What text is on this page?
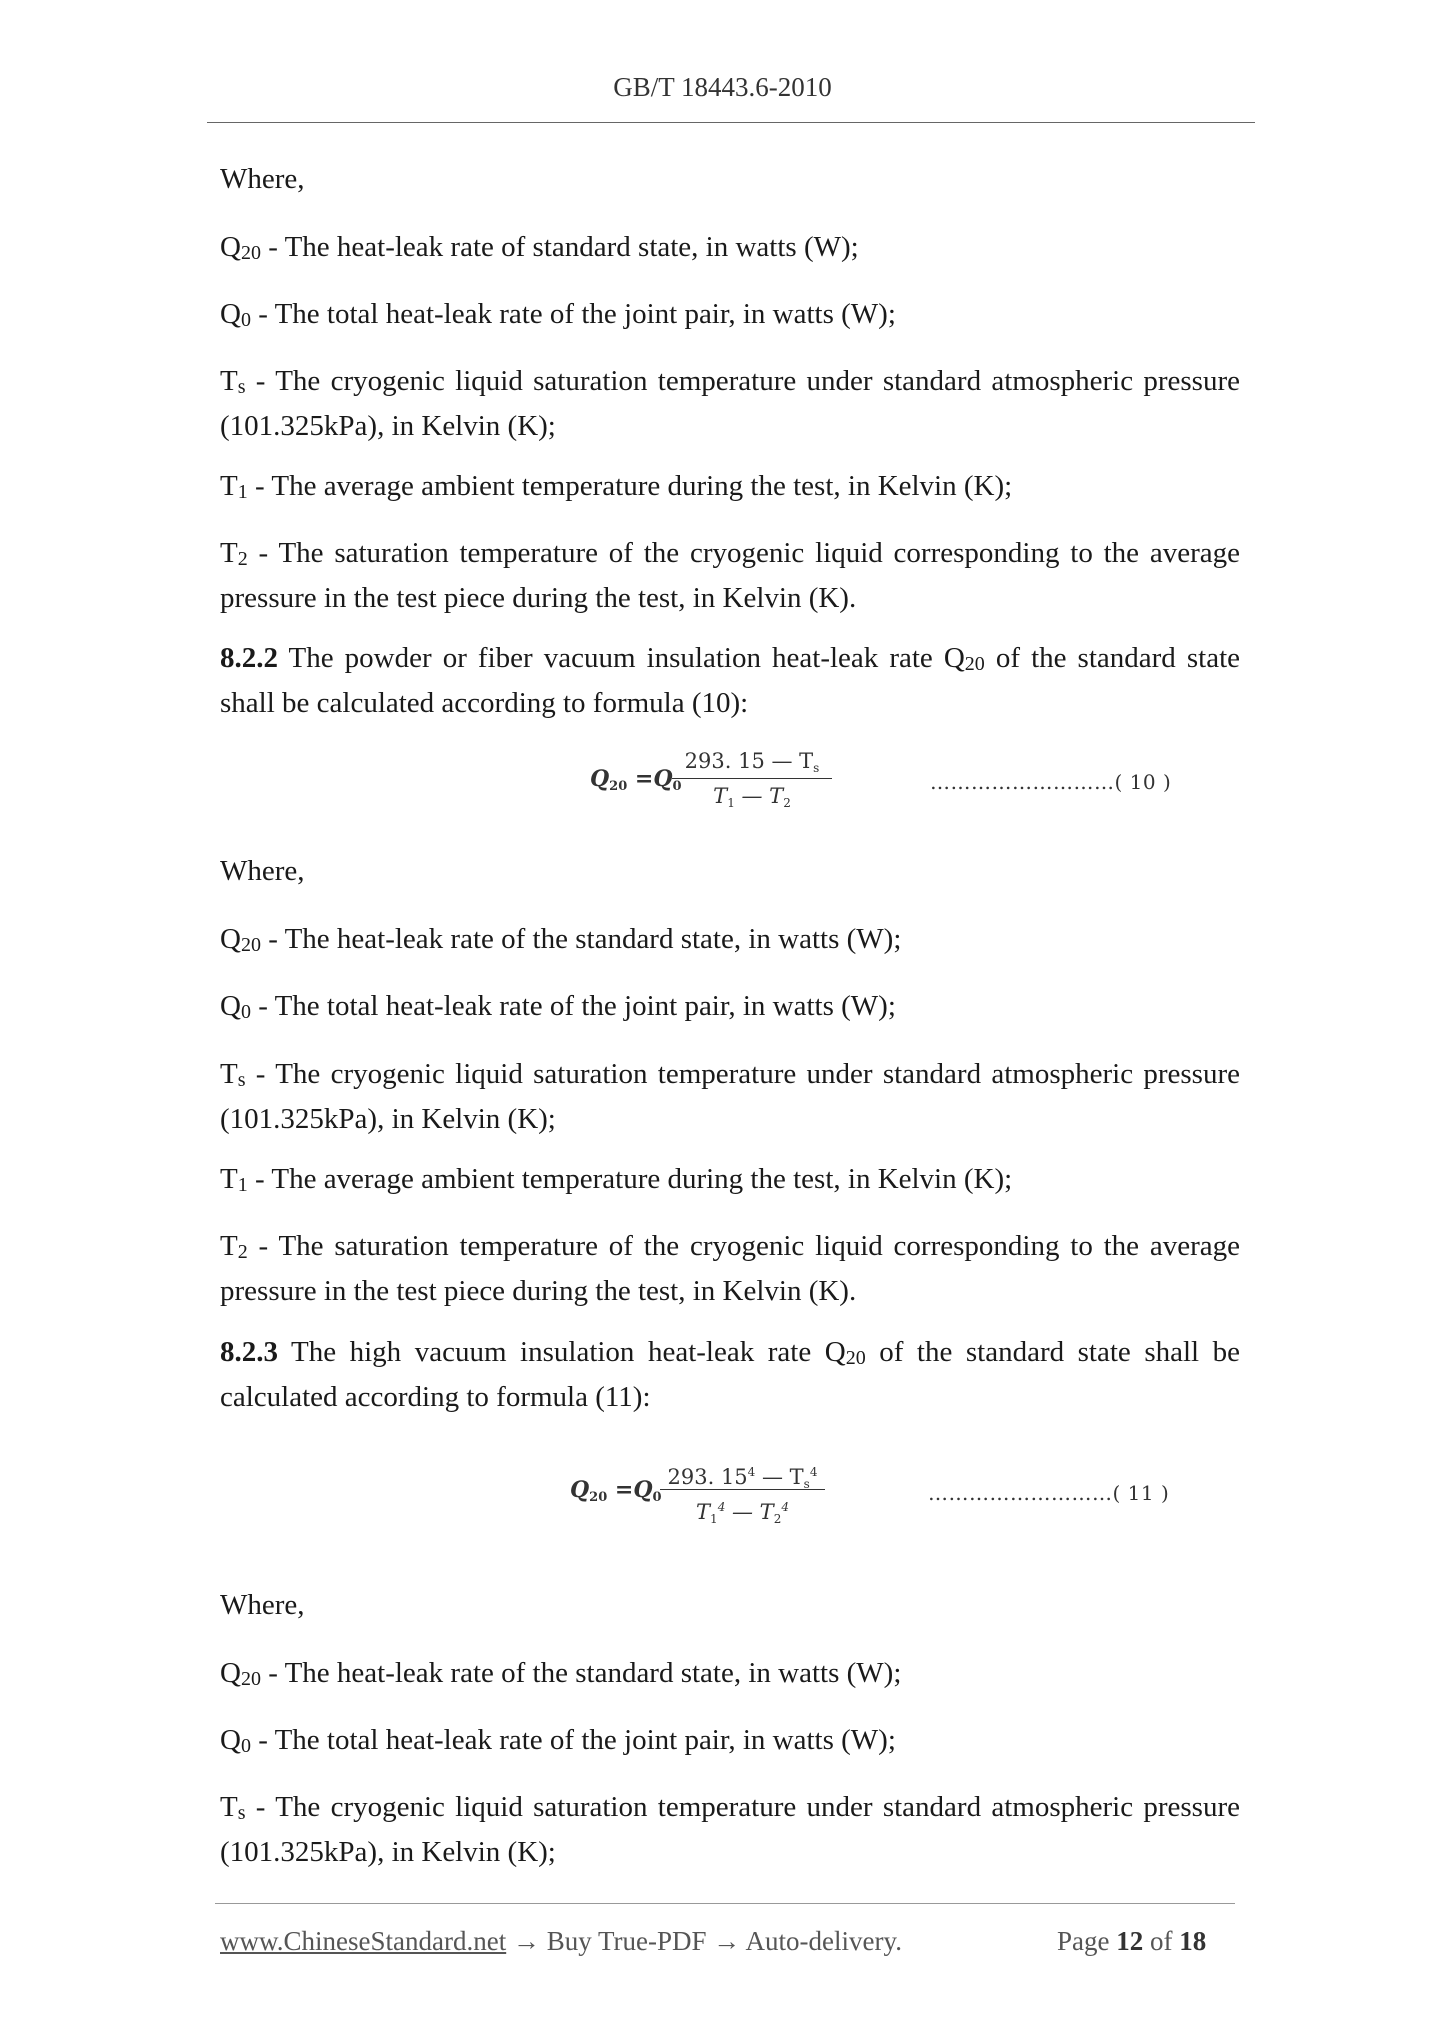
GB/T 18443.6-2010

Where,

Q20 - The heat-leak rate of standard state, in watts (W);

Q0 - The total heat-leak rate of the joint pair, in watts (W);

Ts - The cryogenic liquid saturation temperature under standard atmospheric pressure (101.325kPa), in Kelvin (K);

T1 - The average ambient temperature during the test, in Kelvin (K);

T2 - The saturation temperature of the cryogenic liquid corresponding to the average pressure in the test piece during the test, in Kelvin (K).

8.2.2 The powder or fiber vacuum insulation heat-leak rate Q20 of the standard state shall be calculated according to formula (10):

Q20 =Q0
293. 15 — Ts
T1 — T2
………………………( 10 )

Where,

Q20 - The heat-leak rate of the standard state, in watts (W);

Q0 - The total heat-leak rate of the joint pair, in watts (W);

Ts - The cryogenic liquid saturation temperature under standard atmospheric pressure (101.325kPa), in Kelvin (K);

T1 - The average ambient temperature during the test, in Kelvin (K);

T2 - The saturation temperature of the cryogenic liquid corresponding to the average pressure in the test piece during the test, in Kelvin (K).

8.2.3 The high vacuum insulation heat-leak rate Q20 of the standard state shall be calculated according to formula (11):

Q20 =Q0
293. $15^4$ — Ts$^4$
$T1^4$ — $T2^4$
………………………( 11 )

Where,

Q20 - The heat-leak rate of the standard state, in watts (W);

Q0 - The total heat-leak rate of the joint pair, in watts (W);

Ts - The cryogenic liquid saturation temperature under standard atmospheric pressure (101.325kPa), in Kelvin (K);

www.ChineseStandard.net → Buy True-PDF → Auto-delivery.	Page 12 of 18
